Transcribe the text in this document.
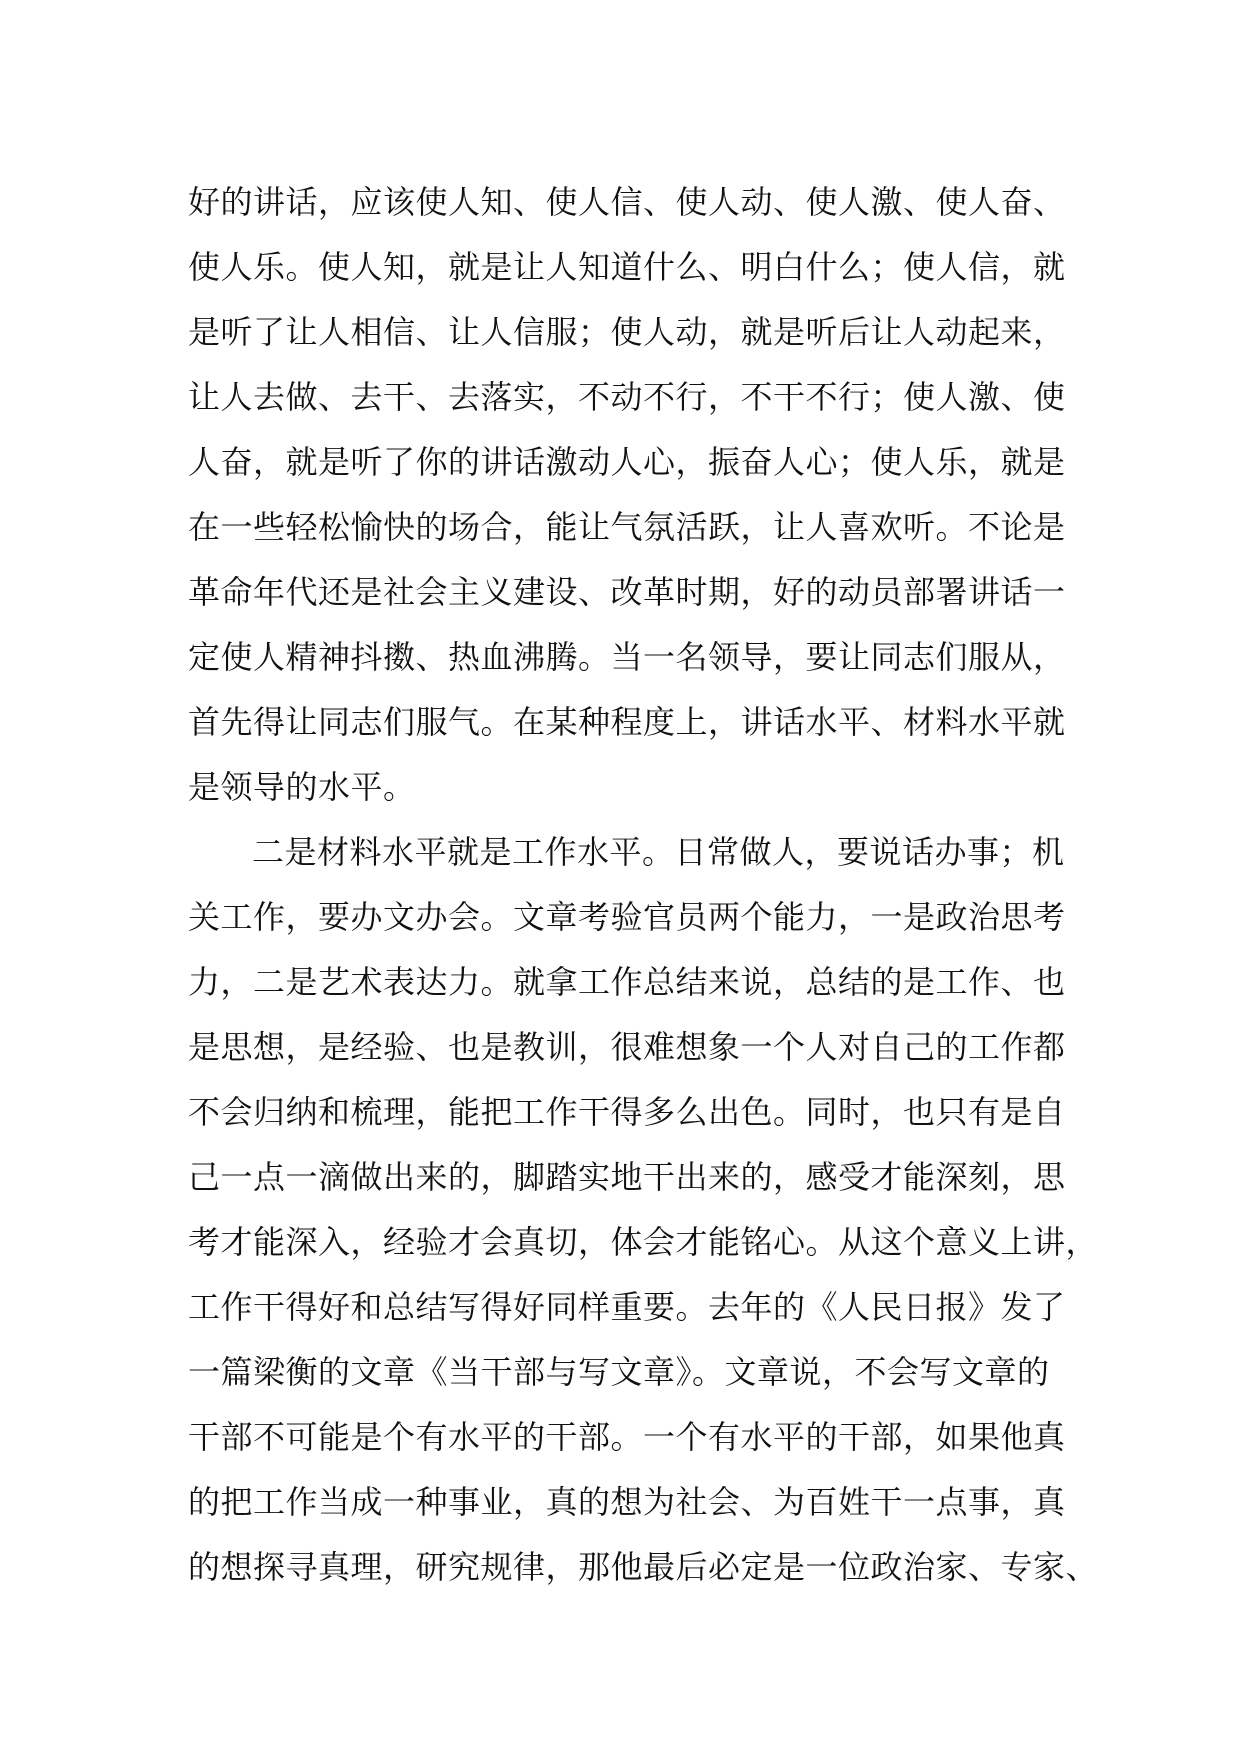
好的讲话，应该使人知、使人信、使人动、使人激、使人奋、
使人乐。使人知，就是让人知道什么、明白什么；使人信，就
是听了让人相信、让人信服；使人动，就是听后让人动起来，
让人去做、去干、去落实，不动不行，不干不行；使人激、使
人奋，就是听了你的讲话激动人心，振奋人心；使人乐，就是
在一些轻松愉快的场合，能让气氛活跃，让人喜欢听。不论是
革命年代还是社会主义建设、改革时期，好的动员部署讲话一
定使人精神抖擞、热血沸腾。当一名领导，要让同志们服从，
首先得让同志们服气。在某种程度上，讲话水平、材料水平就
是领导的水平。
二是材料水平就是工作水平。日常做人，要说话办事；机
关工作，要办文办会。文章考验官员两个能力，一是政治思考
力，二是艺术表达力。就拿工作总结来说，总结的是工作、也
是思想，是经验、也是教训，很难想象一个人对自己的工作都
不会归纳和梳理，能把工作干得多么出色。同时，也只有是自
己一点一滴做出来的，脚踏实地干出来的，感受才能深刻，思
考才能深入，经验才会真切，体会才能铭心。从这个意义上讲，
工作干得好和总结写得好同样重要。去年的《人民日报》发了
一篇梁衡的文章《当干部与写文章》。文章说，不会写文章的
干部不可能是个有水平的干部。一个有水平的干部，如果他真
的把工作当成一种事业，真的想为社会、为百姓干一点事，真
的想探寻真理，研究规律，那他最后必定是一位政治家、专家、
